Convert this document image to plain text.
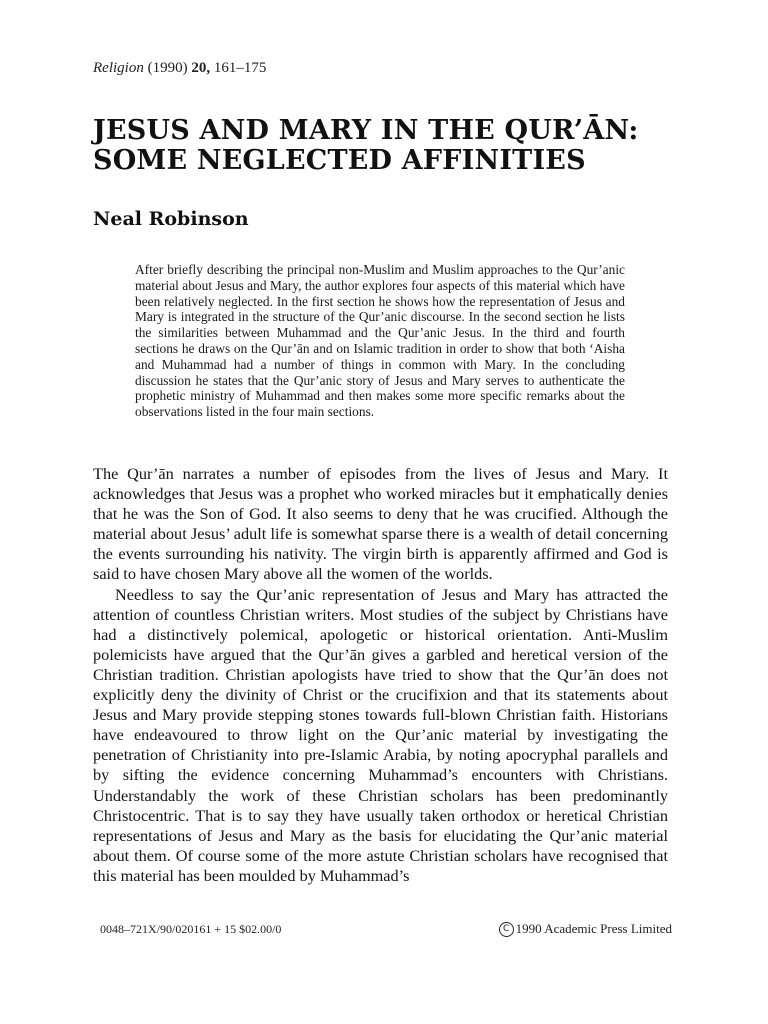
Religion (1990) 20, 161–175
JESUS AND MARY IN THE QUR’ĀN:
SOME NEGLECTED AFFINITIES
Neal Robinson

After briefly describing the principal non-Muslim and Muslim approaches to the Qur’anic material about Jesus and Mary, the author explores four aspects of this material which have been relatively neglected. In the first section he shows how the representation of Jesus and Mary is integrated in the structure of the Qur’anic discourse. In the second section he lists the similarities between Muhammad and the Qur’anic Jesus. In the third and fourth sections he draws on the Qur’ān and on Islamic tradition in order to show that both ‘Aisha and Muhammad had a number of things in common with Mary. In the concluding discussion he states that the Qur’anic story of Jesus and Mary serves to authenticate the prophetic ministry of Muhammad and then makes some more specific remarks about the observations listed in the four main sections.

The Qur’ān narrates a number of episodes from the lives of Jesus and Mary. It acknowledges that Jesus was a prophet who worked miracles but it emphatically denies that he was the Son of God. It also seems to deny that he was crucified. Although the material about Jesus’ adult life is somewhat sparse there is a wealth of detail concerning the events surrounding his nativity. The virgin birth is apparently affirmed and God is said to have chosen Mary above all the women of the worlds.

Needless to say the Qur’anic representation of Jesus and Mary has attracted the attention of countless Christian writers. Most studies of the subject by Christians have had a distinctively polemical, apologetic or historical orientation. Anti-Muslim polemicists have argued that the Qur’ān gives a garbled and heretical version of the Christian tradition. Christian apologists have tried to show that the Qur’ān does not explicitly deny the divinity of Christ or the crucifixion and that its statements about Jesus and Mary provide stepping stones towards full-blown Christian faith. Historians have endeavoured to throw light on the Qur’anic material by investigating the penetration of Christianity into pre-Islamic Arabia, by noting apocryphal parallels and by sifting the evidence concerning Muhammad’s encounters with Christians. Understandably the work of these Christian scholars has been predominantly Christocentric. That is to say they have usually taken orthodox or heretical Christian representations of Jesus and Mary as the basis for elucidating the Qur’anic material about them. Of course some of the more astute Christian scholars have recognised that this material has been moulded by Muhammad’s

0048–721X/90/020161 + 15 $02.00/0	C 1990 Academic Press Limited
